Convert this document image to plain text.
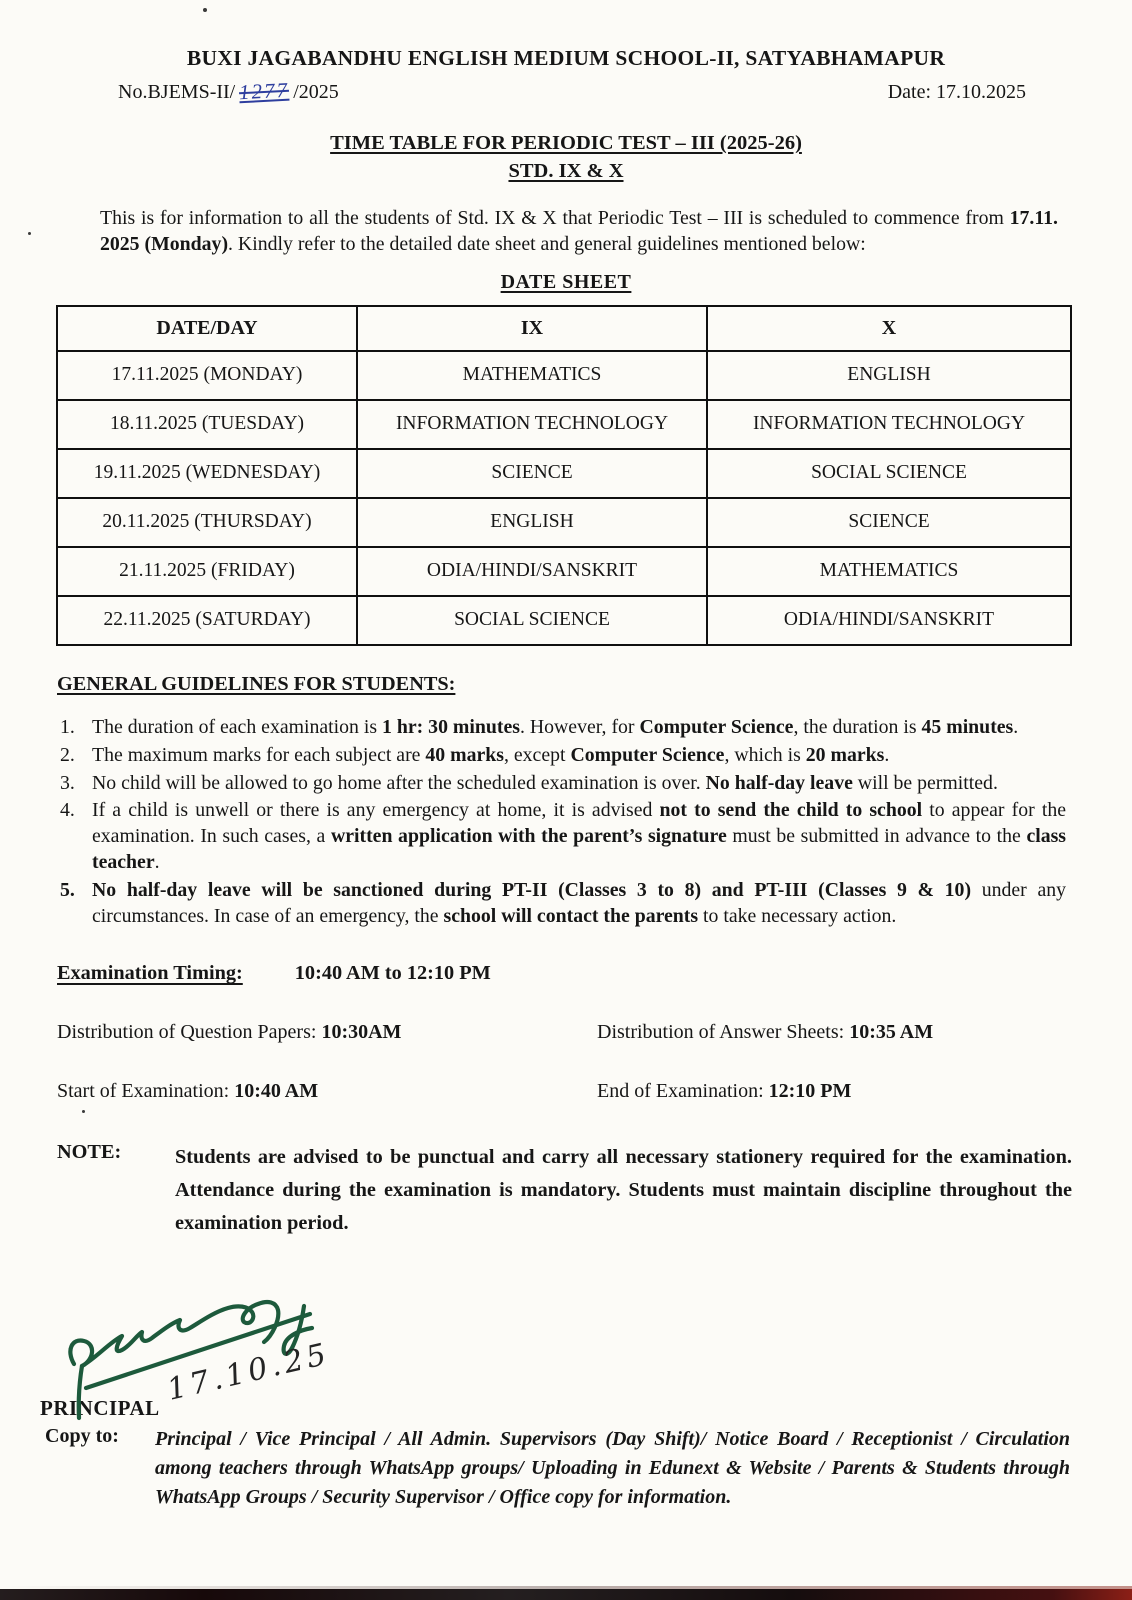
BUXI JAGABANDHU ENGLISH MEDIUM SCHOOL-II, SATYABHAMAPUR
No.BJEMS-II/ 1277 /2025	Date: 17.10.2025
TIME TABLE FOR PERIODIC TEST – III (2025-26)
STD. IX & X
This is for information to all the students of Std. IX & X that Periodic Test – III is scheduled to commence from 17.11. 2025 (Monday). Kindly refer to the detailed date sheet and general guidelines mentioned below:
DATE SHEET
DATE/DAY	IX	X
17.11.2025 (MONDAY)	MATHEMATICS	ENGLISH
18.11.2025 (TUESDAY)	INFORMATION TECHNOLOGY	INFORMATION TECHNOLOGY
19.11.2025 (WEDNESDAY)	SCIENCE	SOCIAL SCIENCE
20.11.2025 (THURSDAY)	ENGLISH	SCIENCE
21.11.2025 (FRIDAY)	ODIA/HINDI/SANSKRIT	MATHEMATICS
22.11.2025 (SATURDAY)	SOCIAL SCIENCE	ODIA/HINDI/SANSKRIT
GENERAL GUIDELINES FOR STUDENTS:
1. The duration of each examination is 1 hr: 30 minutes. However, for Computer Science, the duration is 45 minutes.
2. The maximum marks for each subject are 40 marks, except Computer Science, which is 20 marks.
3. No child will be allowed to go home after the scheduled examination is over. No half-day leave will be permitted.
4. If a child is unwell or there is any emergency at home, it is advised not to send the child to school to appear for the examination. In such cases, a written application with the parent’s signature must be submitted in advance to the class teacher.
5. No half-day leave will be sanctioned during PT-II (Classes 3 to 8) and PT-III (Classes 9 & 10) under any circumstances. In case of an emergency, the school will contact the parents to take necessary action.
Examination Timing:	10:40 AM to 12:10 PM
Distribution of Question Papers: 10:30AM	Distribution of Answer Sheets: 10:35 AM
Start of Examination: 10:40 AM	End of Examination: 12:10 PM
NOTE:	Students are advised to be punctual and carry all necessary stationery required for the examination. Attendance during the examination is mandatory. Students must maintain discipline throughout the examination period.
17.10.25
PRINCIPAL
Copy to:	Principal / Vice Principal / All Admin. Supervisors (Day Shift)/ Notice Board / Receptionist / Circulation among teachers through WhatsApp groups/ Uploading in Edunext & Website / Parents & Students through WhatsApp Groups / Security Supervisor / Office copy for information.
